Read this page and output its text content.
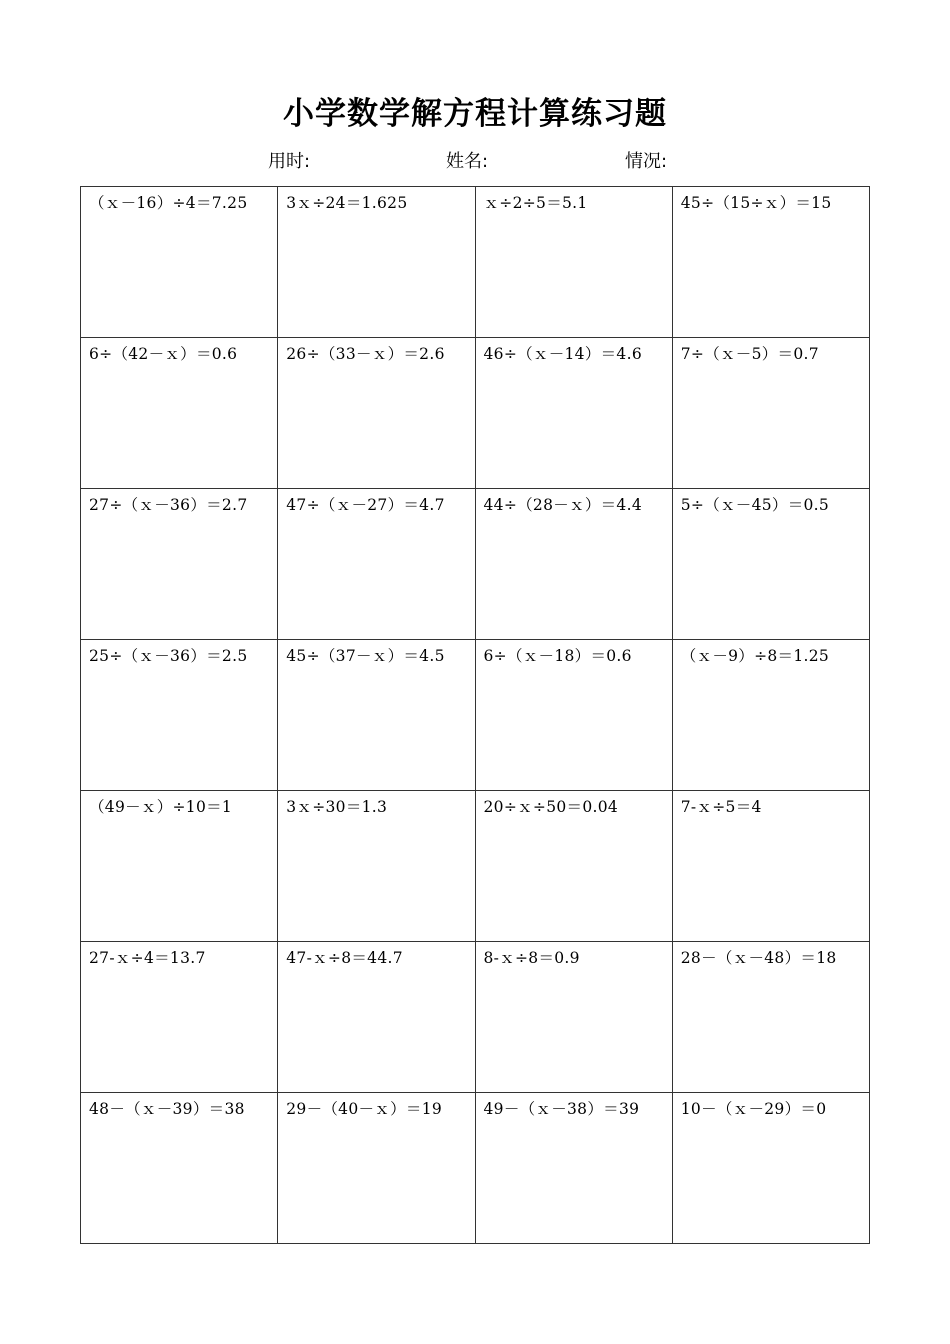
小学数学解方程计算练习题
用时:	姓名:	情况:
（ｘ－16）÷4＝7.25	3ｘ÷24＝1.625	ｘ÷2÷5＝5.1	45÷（15÷ｘ）＝15

6÷（42－ｘ）＝0.6	26÷（33－ｘ）＝2.6	46÷（ｘ－14）＝4.6	7÷（ｘ－5）＝0.7

27÷（ｘ－36）＝2.7	47÷（ｘ－27）＝4.7	44÷（28－ｘ）＝4.4	5÷（ｘ－45）＝0.5

25÷（ｘ－36）＝2.5	45÷（37－ｘ）＝4.5	6÷（ｘ－18）＝0.6	（ｘ－9）÷8＝1.25

（49－ｘ）÷10＝1	3ｘ÷30＝1.3	20÷ｘ÷50＝0.04	7-ｘ÷5＝4

27-ｘ÷4＝13.7	47-ｘ÷8＝44.7	8-ｘ÷8＝0.9	28－（ｘ－48）＝18

48－（ｘ－39）＝38	29－（40－ｘ）＝19	49－（ｘ－38）＝39	10－（ｘ－29）＝0
